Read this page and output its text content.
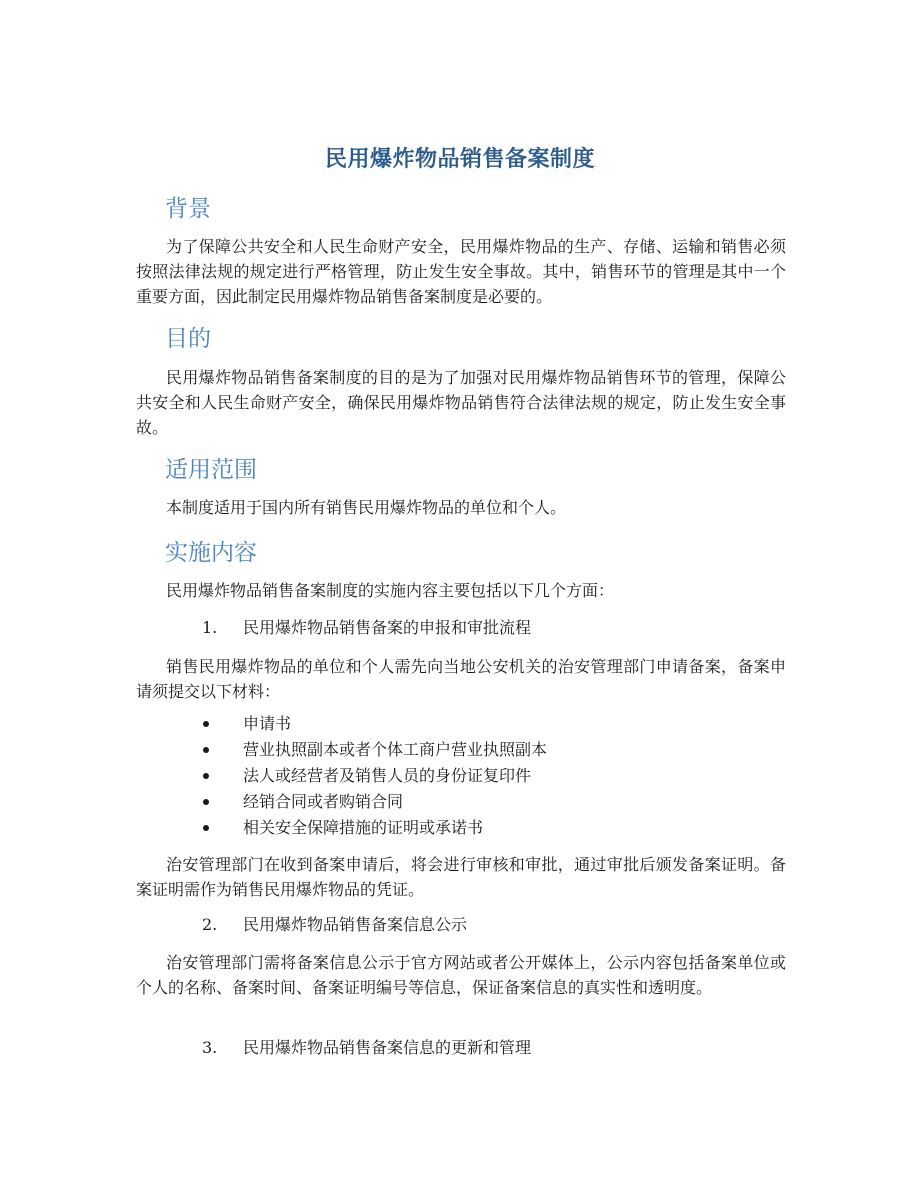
民用爆炸物品销售备案制度
背景

为了保障公共安全和人民生命财产安全，民用爆炸物品的生产、存储、运输和销售必须按照法律法规的规定进行严格管理，防止发生安全事故。其中，销售环节的管理是其中一个重要方面，因此制定民用爆炸物品销售备案制度是必要的。

目的

民用爆炸物品销售备案制度的目的是为了加强对民用爆炸物品销售环节的管理，保障公共安全和人民生命财产安全，确保民用爆炸物品销售符合法律法规的规定，防止发生安全事故。

适用范围

本制度适用于国内所有销售民用爆炸物品的单位和个人。

实施内容

民用爆炸物品销售备案制度的实施内容主要包括以下几个方面：

1. 民用爆炸物品销售备案的申报和审批流程

销售民用爆炸物品的单位和个人需先向当地公安机关的治安管理部门申请备案，备案申请须提交以下材料：

申请书
营业执照副本或者个体工商户营业执照副本
法人或经营者及销售人员的身份证复印件
经销合同或者购销合同
相关安全保障措施的证明或承诺书

治安管理部门在收到备案申请后，将会进行审核和审批，通过审批后颁发备案证明。备案证明需作为销售民用爆炸物品的凭证。

2. 民用爆炸物品销售备案信息公示

治安管理部门需将备案信息公示于官方网站或者公开媒体上，公示内容包括备案单位或个人的名称、备案时间、备案证明编号等信息，保证备案信息的真实性和透明度。

3. 民用爆炸物品销售备案信息的更新和管理
